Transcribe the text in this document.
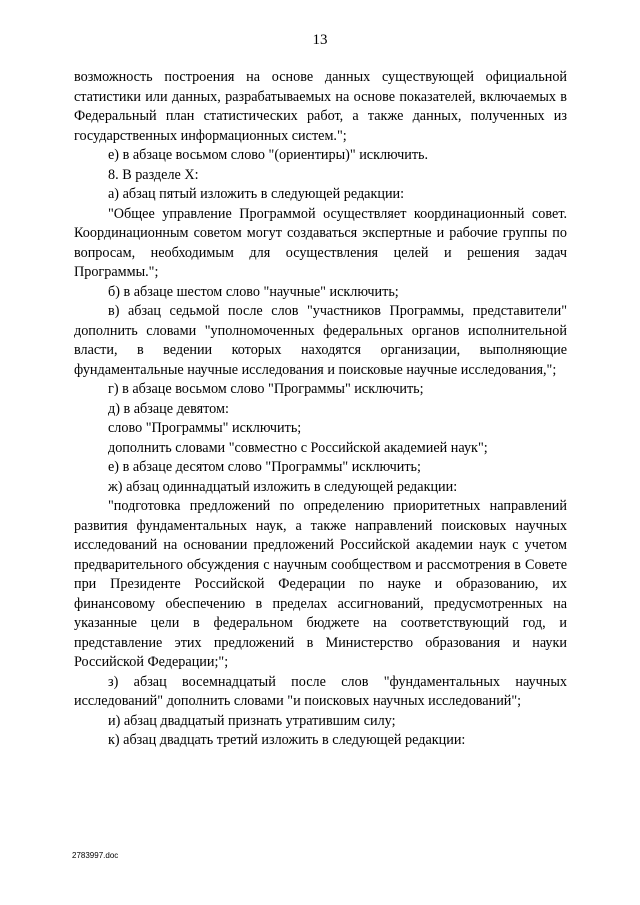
13

возможность построения на основе данных существующей официальной статистики или данных, разрабатываемых на основе показателей, включаемых в Федеральный план статистических работ, а также данных, полученных из государственных информационных систем.";

е) в абзаце восьмом слово "(ориентиры)" исключить.

8. В разделе X:

а) абзац пятый изложить в следующей редакции:

"Общее управление Программой осуществляет координационный совет. Координационным советом могут создаваться экспертные и рабочие группы по вопросам, необходимым для осуществления целей и решения задач Программы.";

б) в абзаце шестом слово "научные" исключить;

в) абзац седьмой после слов "участников Программы, представители" дополнить словами "уполномоченных федеральных органов исполнительной власти, в ведении которых находятся организации, выполняющие фундаментальные научные исследования и поисковые научные исследования,";

г) в абзаце восьмом слово "Программы" исключить;

д) в абзаце девятом:

слово "Программы" исключить;

дополнить словами "совместно с Российской академией наук";

е) в абзаце десятом слово "Программы" исключить;

ж) абзац одиннадцатый изложить в следующей редакции:

"подготовка предложений по определению приоритетных направлений развития фундаментальных наук, а также направлений поисковых научных исследований на основании предложений Российской академии наук с учетом предварительного обсуждения с научным сообществом и рассмотрения в Совете при Президенте Российской Федерации по науке и образованию, их финансовому обеспечению в пределах ассигнований, предусмотренных на указанные цели в федеральном бюджете на соответствующий год, и представление этих предложений в Министерство образования и науки Российской Федерации;";

з) абзац восемнадцатый после слов "фундаментальных научных исследований" дополнить словами "и поисковых научных исследований";

и) абзац двадцатый признать утратившим силу;

к) абзац двадцать третий изложить в следующей редакции:

2783997.doc
